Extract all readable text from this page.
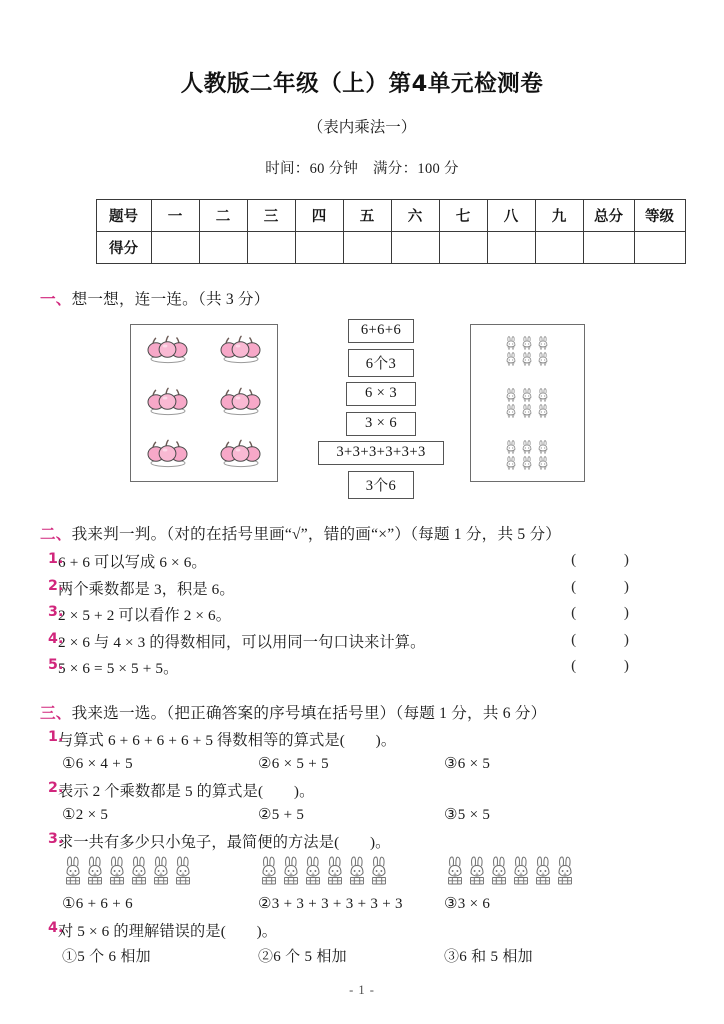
人教版二年级（上）第4单元检测卷
（表内乘法一）
时间：60 分钟　满分：100 分
题号	一	二	三	四	五	六	七	八	九	总分	等级
得分											
一、想一想，连一连。（共 3 分）
6+6+6
6个3
6 × 3
3 × 6
3+3+3+3+3+3
3个6
二、我来判一判。（对的在括号里画“√”，错的画“×”）（每题 1 分，共 5 分）
1.
6 + 6 可以写成 6 × 6。	( )
2.
两个乘数都是 3，积是 6。	( )
3.
2 × 5 + 2 可以看作 2 × 6。	( )
4.
2 × 6 与 4 × 3 的得数相同，可以用同一句口诀来计算。	( )
5.
5 × 6 = 5 × 5 + 5。	( )
三、我来选一选。（把正确答案的序号填在括号里）（每题 1 分，共 6 分）
1.
与算式 6 + 6 + 6 + 6 + 5 得数相等的算式是(　　)。
①6 × 4 + 5	②6 × 5 + 5	③6 × 5
2.
表示 2 个乘数都是 5 的算式是(　　)。
①2 × 5	②5 + 5	③5 × 5
3.
求一共有多少只小兔子，最简便的方法是(　　)。
①6 + 6 + 6	②3 + 3 + 3 + 3 + 3 + 3	③3 × 6
4.
对 5 × 6 的理解错误的是(　　)。
①5 个 6 相加	②6 个 5 相加	③6 和 5 相加
- 1 -
